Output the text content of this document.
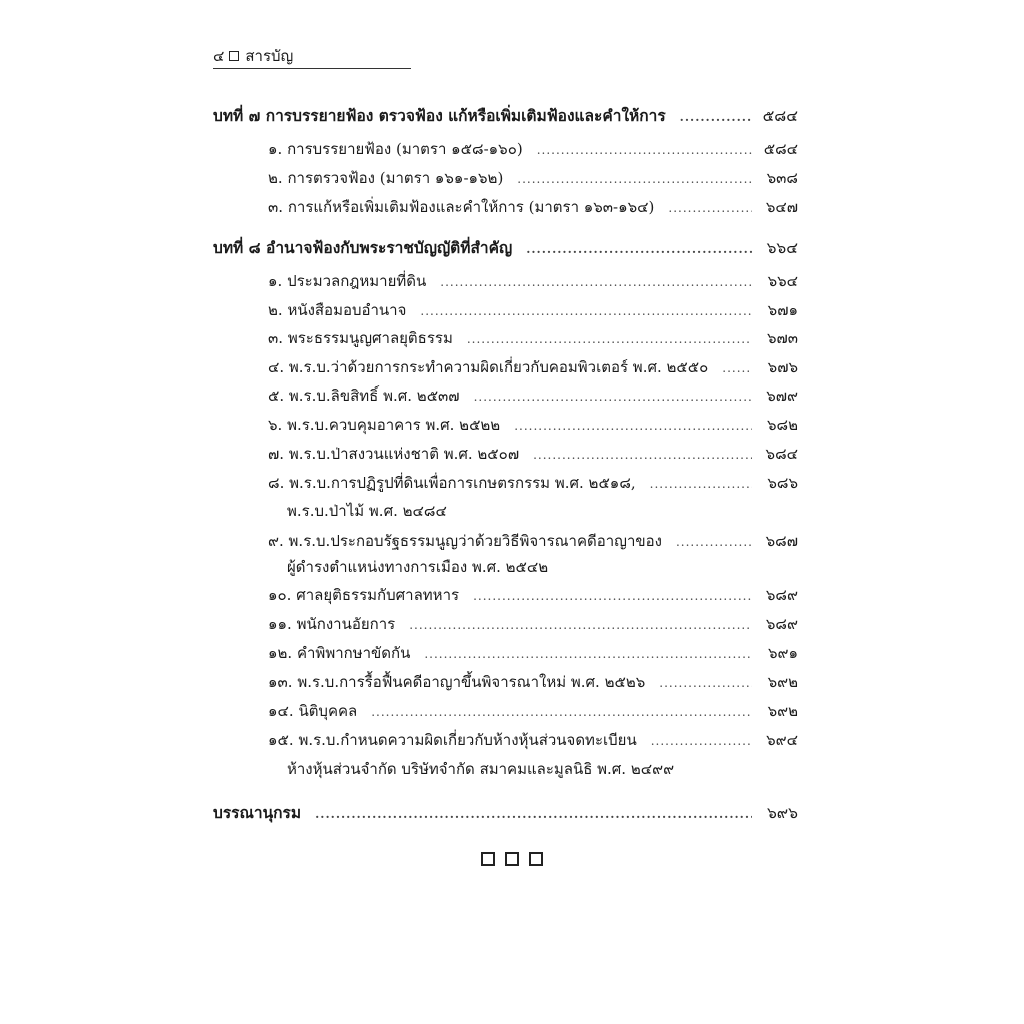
๔ สารบัญ
บทที่ ๗ การบรรยายฟ้อง ตรวจฟ้อง แก้หรือเพิ่มเติมฟ้องและคำให้การ .....	๕๘๔
๑. การบรรยายฟ้อง (มาตรา ๑๕๘-๑๖๐) .....	๕๘๔
๒. การตรวจฟ้อง (มาตรา ๑๖๑-๑๖๒) .....	๖๓๘
๓. การแก้หรือเพิ่มเติมฟ้องและคำให้การ (มาตรา ๑๖๓-๑๖๔) .....	๖๔๗
บทที่ ๘ อำนาจฟ้องกับพระราชบัญญัติที่สำคัญ .....	๖๖๔
๑. ประมวลกฎหมายที่ดิน .....	๖๖๔
๒. หนังสือมอบอำนาจ .....	๖๗๑
๓. พระธรรมนูญศาลยุติธรรม .....	๖๗๓
๔. พ.ร.บ.ว่าด้วยการกระทำความผิดเกี่ยวกับคอมพิวเตอร์ พ.ศ. ๒๕๕๐ .....	๖๗๖
๕. พ.ร.บ.ลิขสิทธิ์ พ.ศ. ๒๕๓๗ .....	๖๗๙
๖. พ.ร.บ.ควบคุมอาคาร พ.ศ. ๒๕๒๒ .....	๖๘๒
๗. พ.ร.บ.ป่าสงวนแห่งชาติ พ.ศ. ๒๕๐๗ .....	๖๘๔
๘. พ.ร.บ.การปฏิรูปที่ดินเพื่อการเกษตรกรรม พ.ศ. ๒๕๑๘, .....	๖๘๖
พ.ร.บ.ป่าไม้ พ.ศ. ๒๔๘๔
๙. พ.ร.บ.ประกอบรัฐธรรมนูญว่าด้วยวิธีพิจารณาคดีอาญาของ .....	๖๘๗
ผู้ดำรงตำแหน่งทางการเมือง พ.ศ. ๒๕๔๒
๑๐. ศาลยุติธรรมกับศาลทหาร .....	๖๘๙
๑๑. พนักงานอัยการ .....	๖๘๙
๑๒. คำพิพากษาขัดกัน .....	๖๙๑
๑๓. พ.ร.บ.การรื้อฟื้นคดีอาญาขึ้นพิจารณาใหม่ พ.ศ. ๒๕๒๖ .....	๖๙๒
๑๔. นิติบุคคล .....	๖๙๒
๑๕. พ.ร.บ.กำหนดความผิดเกี่ยวกับห้างหุ้นส่วนจดทะเบียน .....	๖๙๔
ห้างหุ้นส่วนจำกัด บริษัทจำกัด สมาคมและมูลนิธิ พ.ศ. ๒๔๙๙
บรรณานุกรม .....	๖๙๖
